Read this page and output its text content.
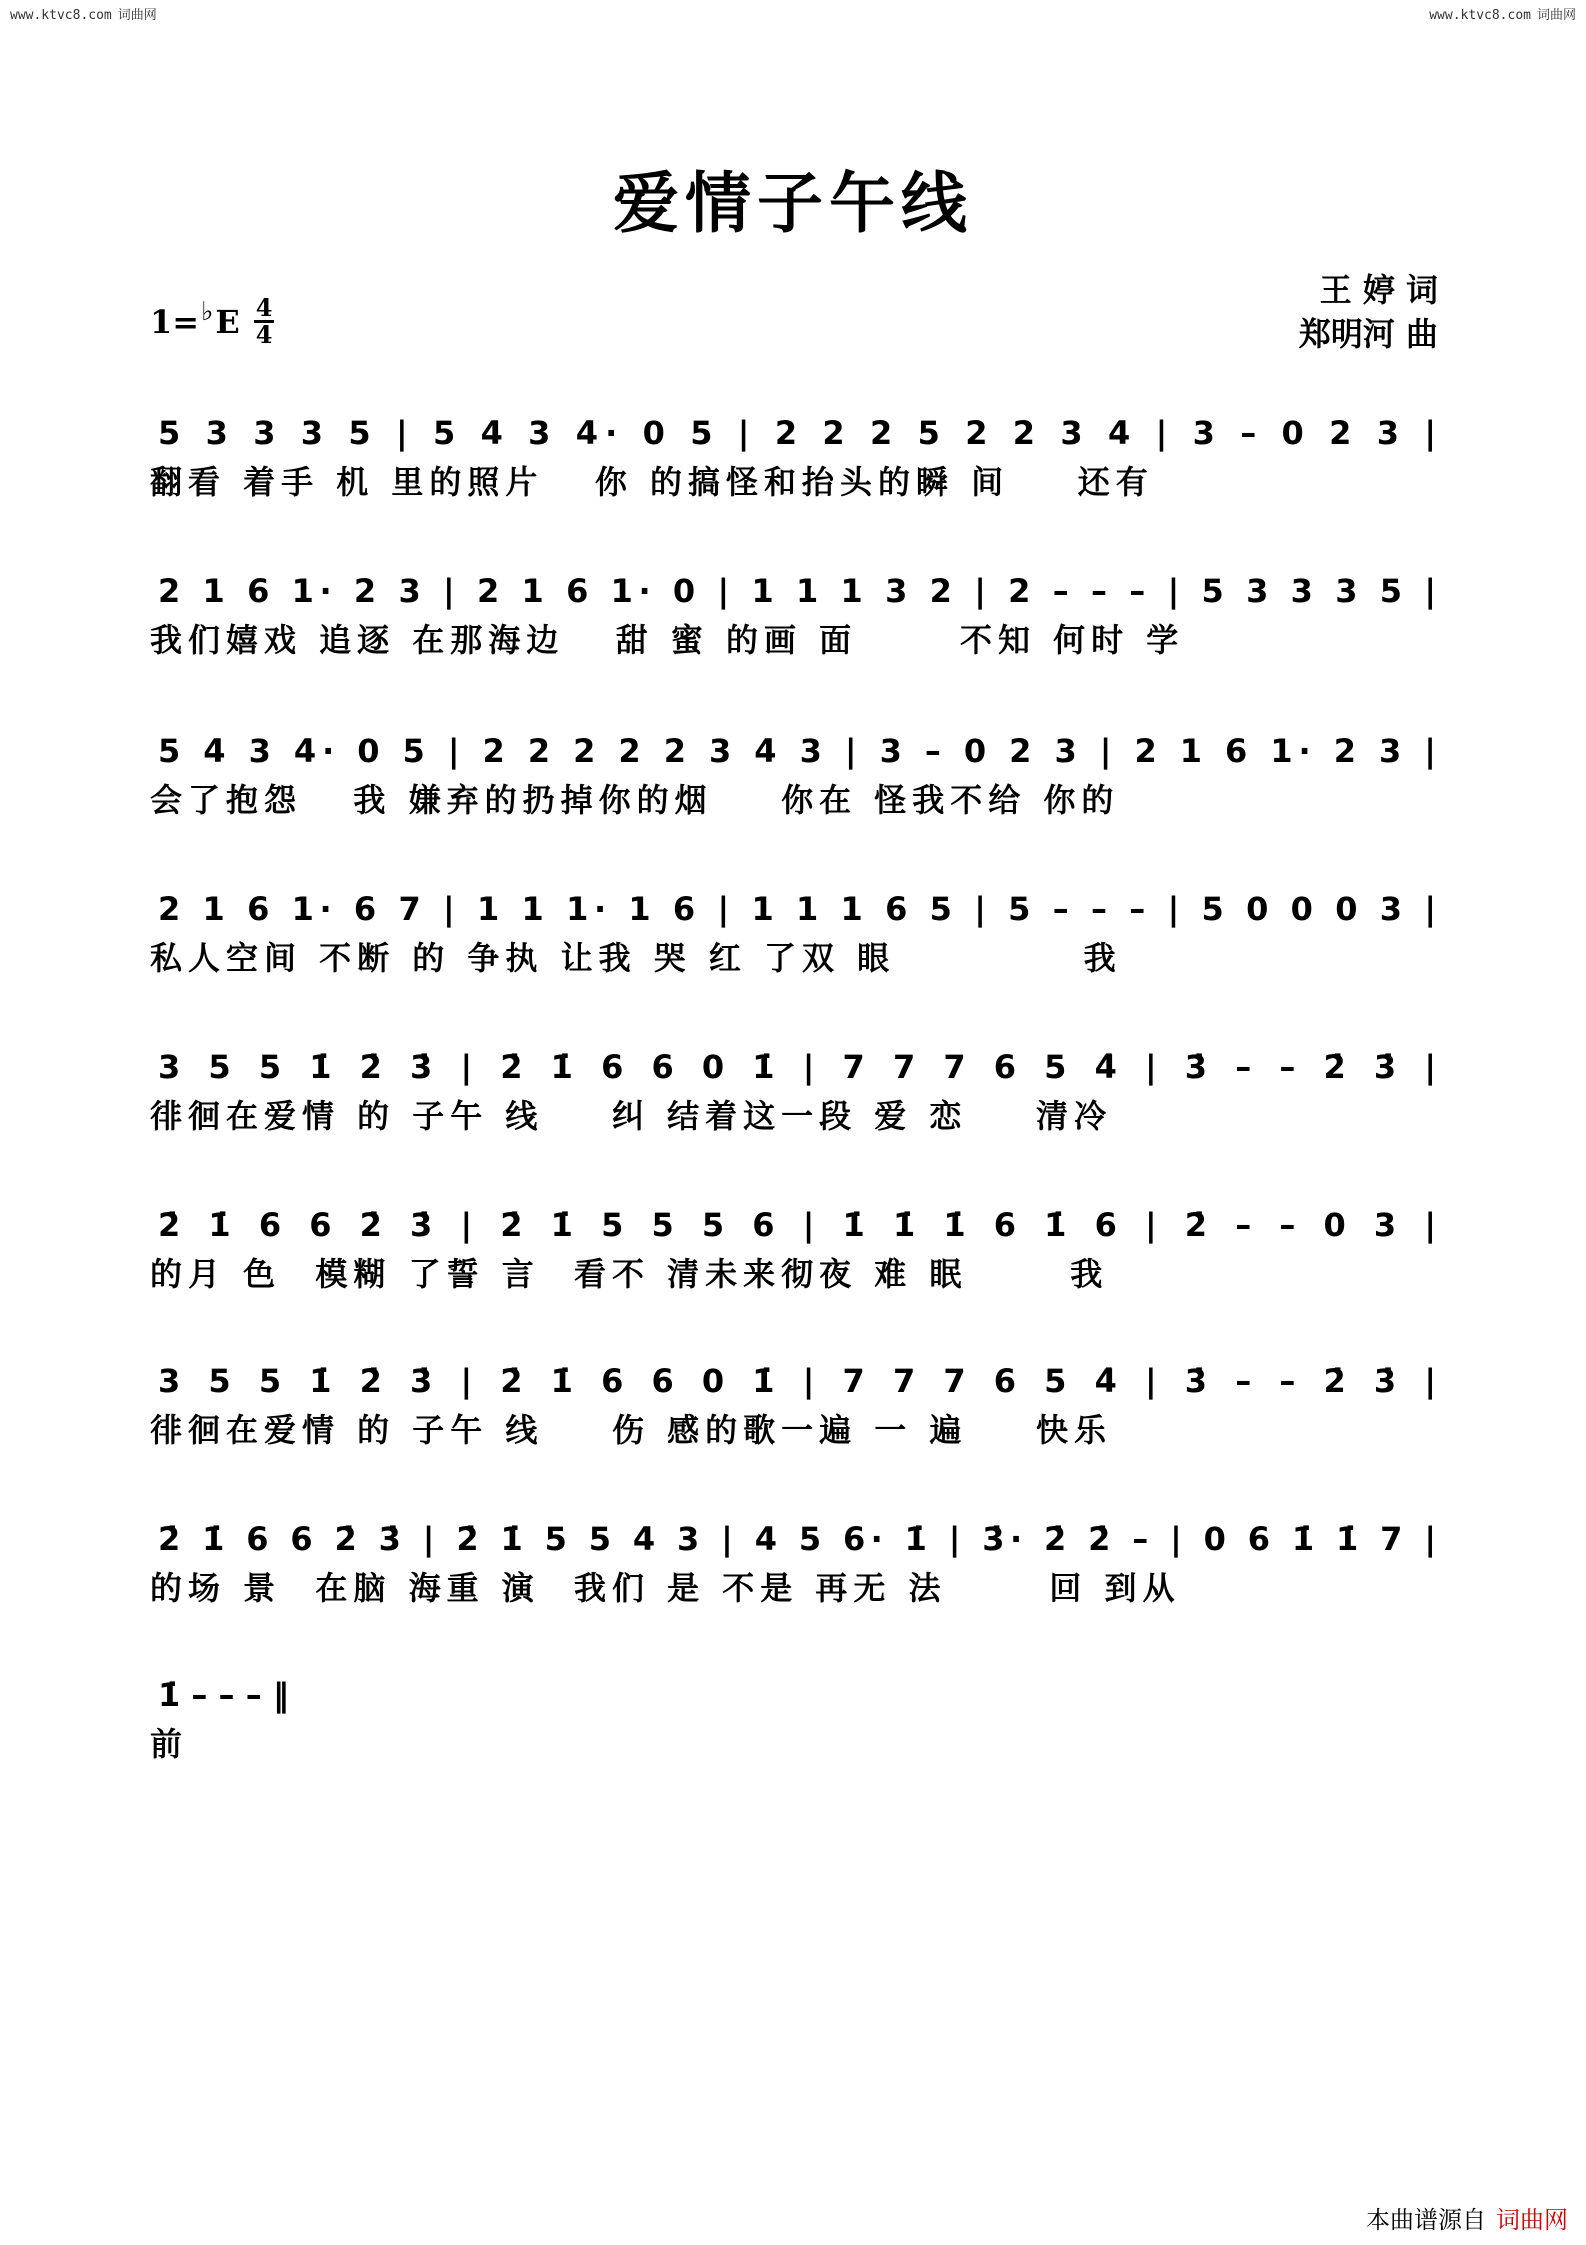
www.ktvc8.com 词曲网	www.ktvc8.com 词曲网
爱情子午线
1= ♭ E $\frac{4}{4}$
王 婷 词
郑明河 曲
5 3 3 3 5 | 5 4 3 4· 0 5 | 2 2 2 5 2 2 3 4 | 3 – 0 2 3 |
翻看 着手 机 里的照片   你 的搞怪和抬头的瞬 间    还有
2 1 6 1· 2 3 | 2 1 6 1· 0 | 1 1 1 3 2 | 2 – – – | 5 3 3 3 5 |
我们嬉戏 追逐 在那海边   甜 蜜 的画 面      不知 何时 学
5 4 3 4· 0 5 | 2 2 2 2 2 3 4 3 | 3 – 0 2 3 | 2 1 6 1· 2 3 |
会了抱怨   我 嫌弃的扔掉你的烟    你在 怪我不给 你的
2 1 6 1· 6 7 | 1 1 1· 1 6 | 1 1 1 6 5 | 5 – – – | 5 0 0 0 3 |
私人空间 不断 的 争执 让我 哭 红 了双 眼           我
3 5 5 1̇ 2̇ 3̇ | 2̇ 1̇ 6 6 0 1̇ | 7 7 7 6 5 4̇ | 3̇ – – 2̇ 3̇ |
徘徊在爱情 的 子午 线    纠 结着这一段 爱 恋    清冷
2̇ 1̇ 6 6 2̇ 3̇ | 2̇ 1̇ 5 5 5 6 | 1̇ 1̇ 1̇ 6 1̇ 6 | 2̇ – – 0 3 |
的月 色  模糊 了誓 言  看不 清未来彻夜 难 眠      我
3 5 5 1̇ 2̇ 3̇ | 2̇ 1̇ 6 6 0 1̇ | 7 7 7 6 5 4̇ | 3̇ – – 2̇ 3̇ |
徘徊在爱情 的 子午 线    伤 感的歌一遍 一 遍    快乐
2̇ 1̇ 6 6 2̇ 3̇ | 2̇ 1̇ 5 5 4 3 | 4 5 6· 1̇ | 3̇· 2̇ 2̇ – | 0 6 1̇ 1̇ 7 |
的场 景  在脑 海重 演  我们 是 不是 再无 法      回 到从
1̇ – – – ‖
前
本曲谱源自 词曲网
